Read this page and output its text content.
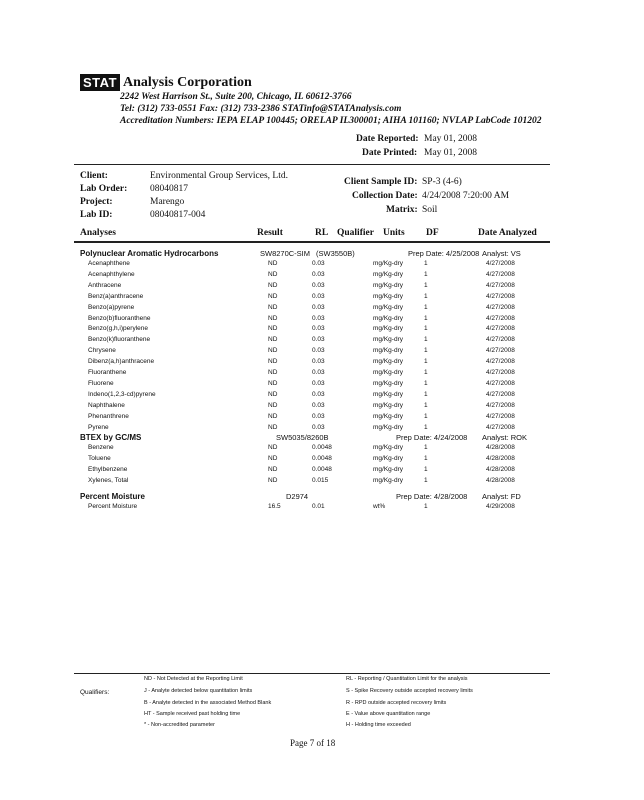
STAT Analysis Corporation
2242 West Harrison St., Suite 200, Chicago, IL 60612-3766
Tel: (312) 733-0551 Fax: (312) 733-2386 STATinfo@STATAnalysis.com
Accreditation Numbers: IEPA ELAP 100445; ORELAP IL300001; AIHA 101160; NVLAP LabCode 101202
Date Reported: May 01, 2008
Date Printed: May 01, 2008
Client:	Environmental Group Services, Ltd.
Lab Order: 08040817
Project:	Marengo
Lab ID:	08040817-004
Client Sample ID: SP-3 (4-6)
Collection Date: 4/24/2008 7:20:00 AM
Matrix: Soil
Analyses	Result	RL Qualifier Units DF	Date Analyzed
Polynuclear Aromatic Hydrocarbons	SW8270C-SIM (SW3550B)	Prep Date: 4/25/2008 Analyst: VS
Acenaphthene	ND	0.03	mg/Kg-dry	1	4/27/2008
Acenaphthylene	ND	0.03	mg/Kg-dry	1	4/27/2008
Anthracene	ND	0.03	mg/Kg-dry	1	4/27/2008
Benz(a)anthracene	ND	0.03	mg/Kg-dry	1	4/27/2008
Benzo(a)pyrene	ND	0.03	mg/Kg-dry	1	4/27/2008
Benzo(b)fluoranthene	ND	0.03	mg/Kg-dry	1	4/27/2008
Benzo(g,h,i)perylene	ND	0.03	mg/Kg-dry	1	4/27/2008
Benzo(k)fluoranthene	ND	0.03	mg/Kg-dry	1	4/27/2008
Chrysene	ND	0.03	mg/Kg-dry	1	4/27/2008
Dibenz(a,h)anthracene	ND	0.03	mg/Kg-dry	1	4/27/2008
Fluoranthene	ND	0.03	mg/Kg-dry	1	4/27/2008
Fluorene	ND	0.03	mg/Kg-dry	1	4/27/2008
Indeno(1,2,3-cd)pyrene	ND	0.03	mg/Kg-dry	1	4/27/2008
Naphthalene	ND	0.03	mg/Kg-dry	1	4/27/2008
Phenanthrene	ND	0.03	mg/Kg-dry	1	4/27/2008
Pyrene	ND	0.03	mg/Kg-dry	1	4/27/2008
BTEX by GC/MS	SW5035/8260B	Prep Date: 4/24/2008 Analyst: ROK
Benzene	ND	0.0048	mg/Kg-dry	1	4/28/2008
Toluene	ND	0.0048	mg/Kg-dry	1	4/28/2008
Ethylbenzene	ND	0.0048	mg/Kg-dry	1	4/28/2008
Xylenes, Total	ND	0.015	mg/Kg-dry	1	4/28/2008
Percent Moisture	D2974	Prep Date: 4/28/2008 Analyst: FD
Percent Moisture	16.5	0.01	wt%	1	4/29/2008
Qualifiers:
ND - Not Detected at the Reporting Limit
J - Analyte detected below quantitation limits
B - Analyte detected in the associated Method Blank
HT - Sample received past holding time
* - Non-accredited parameter
RL - Reporting / Quantitation Limit for the analysis
S - Spike Recovery outside accepted recovery limits
R - RPD outside accepted recovery limits
E - Value above quantitation range
H - Holding time exceeded
Page 7 of 18
